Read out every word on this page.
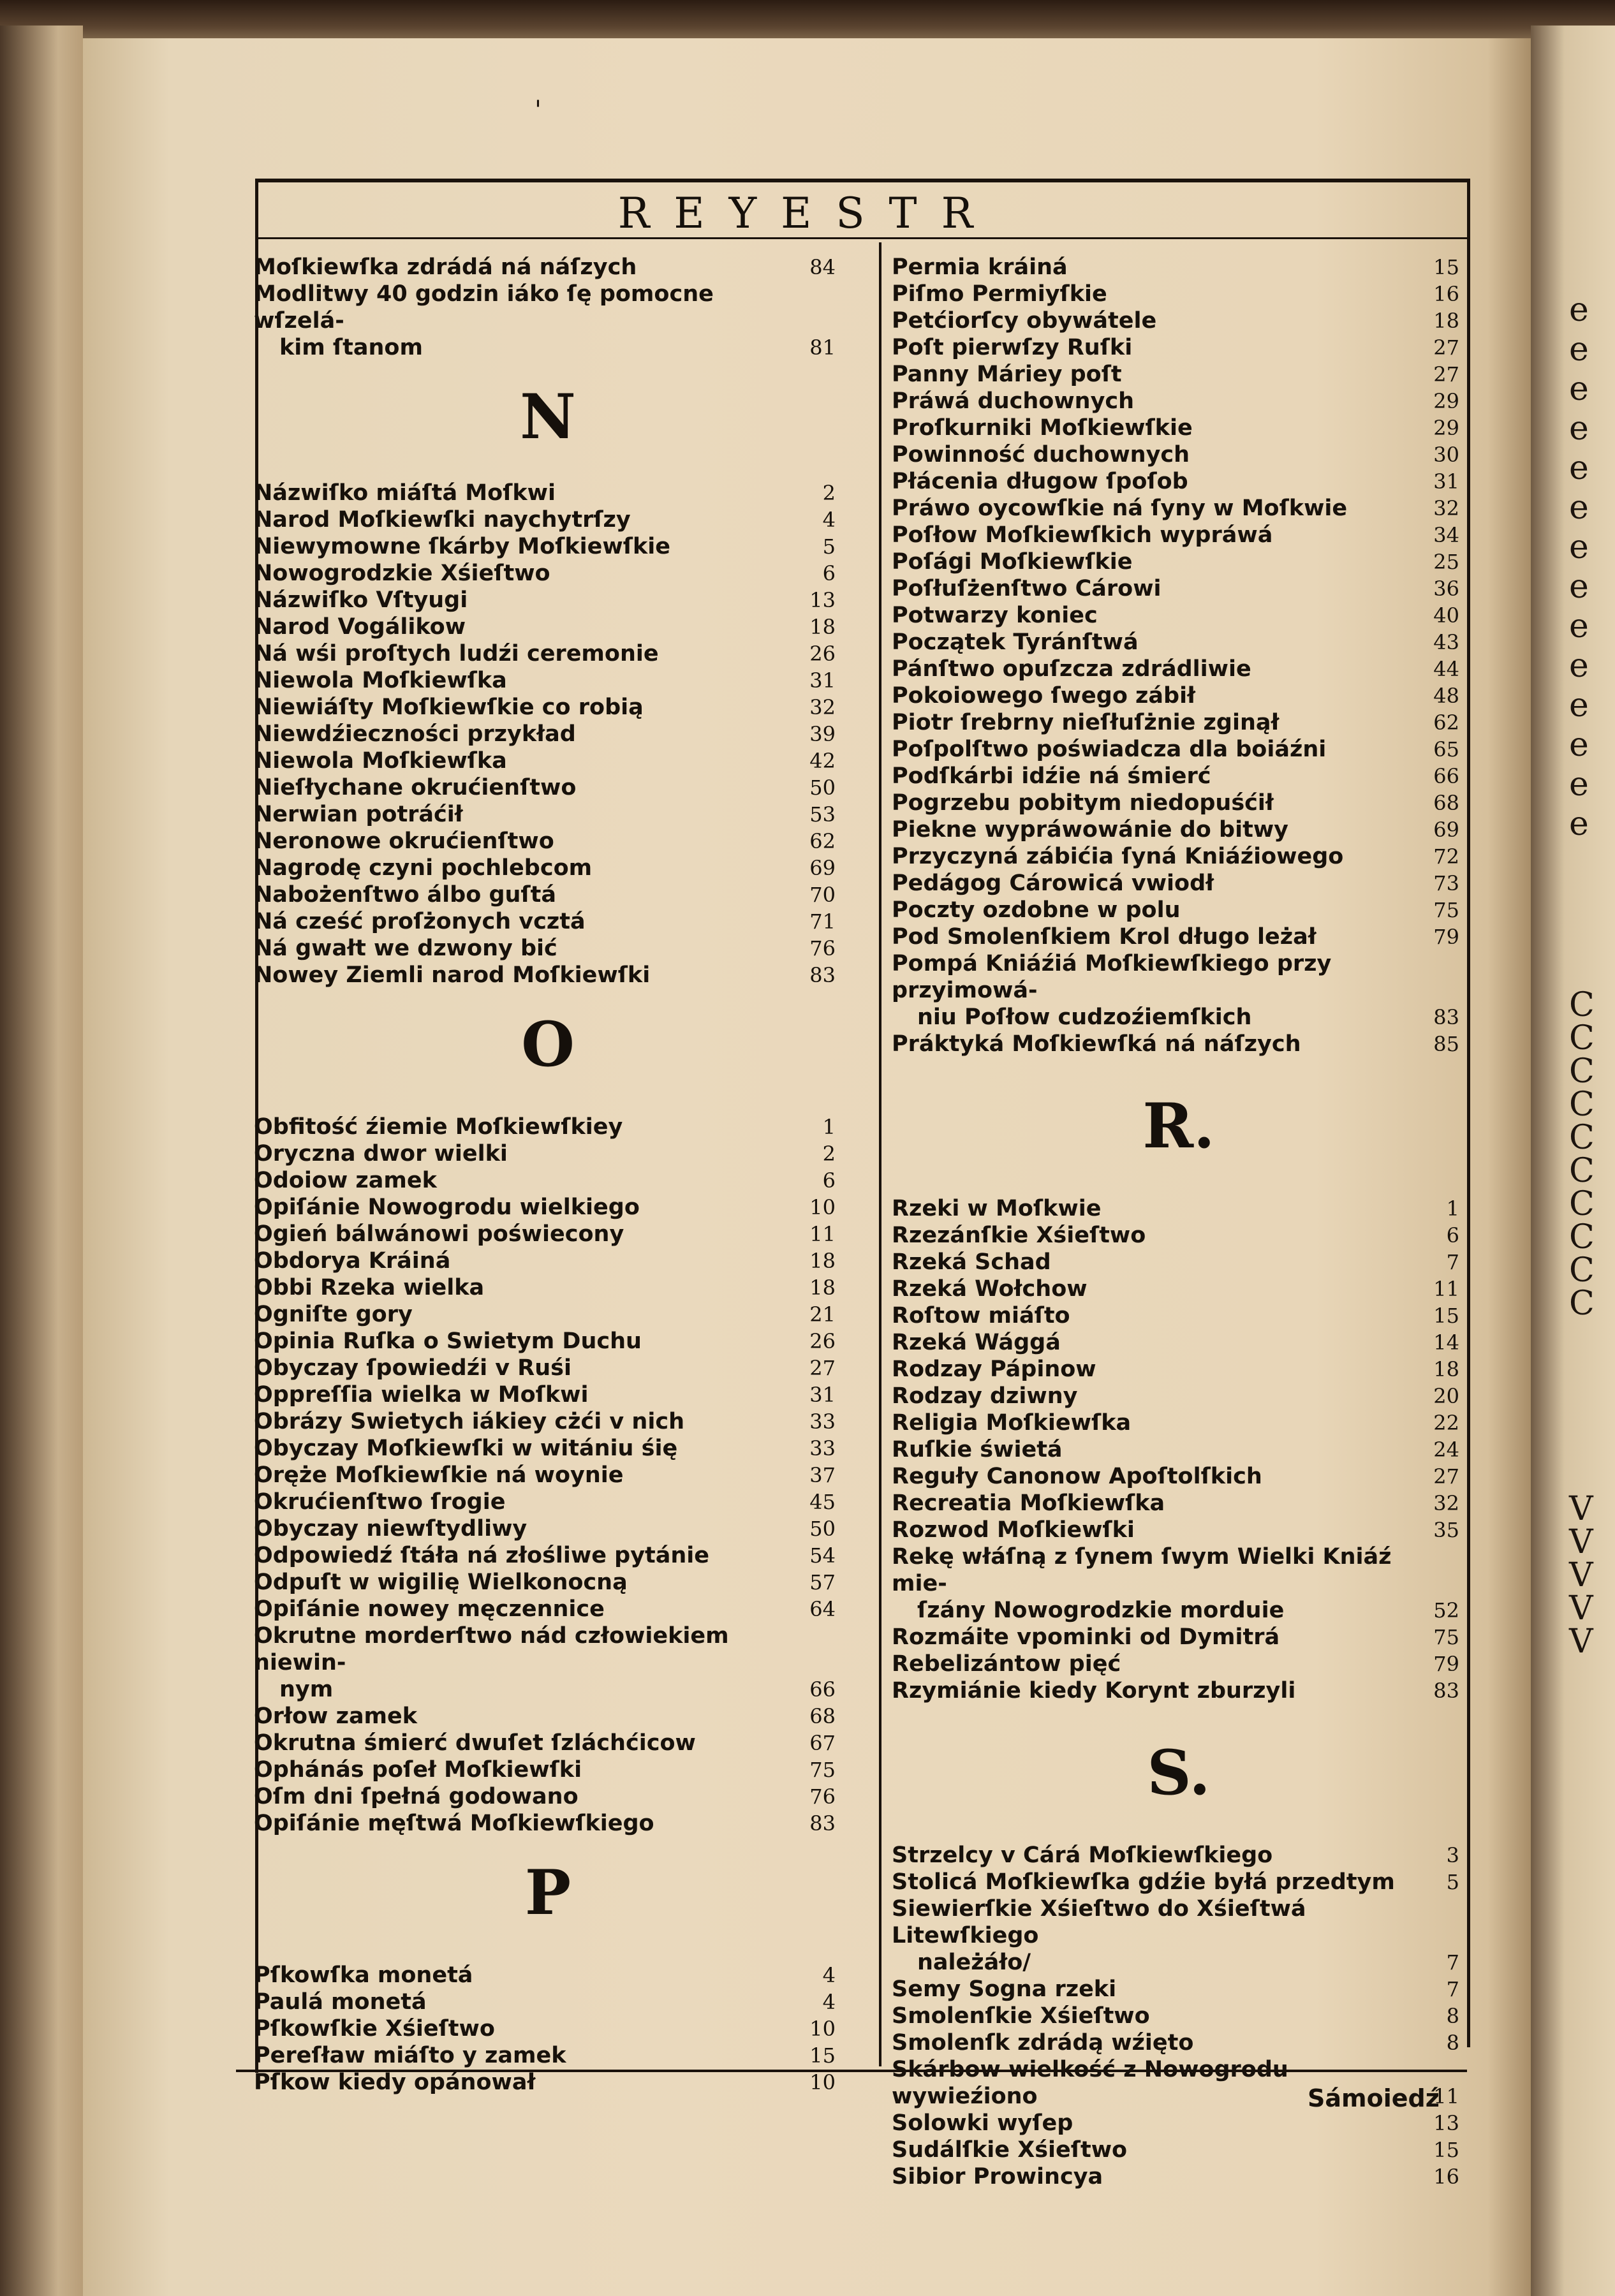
e
e
e
e
e
e
e
e
e
e
e
e
e
e
C
C
C
C
C
C
C
C
C
C
V
V
V
V
V
'
REYESTR
Moſkiewſka zdrádá ná náſzych	84
Modlitwy 40 godzin iáko ſę pomocne wſzelá-
kim ſtanom	81
N
Názwiſko miáſtá Moſkwi	2
Narod Moſkiewſki naychytrſzy	4
Niewymowne ſkárby Moſkiewſkie	5
Nowogrodzkie Xśieſtwo	6
Názwiſko Vſtyugi	13
Narod Vogálikow	18
Ná wśi proſtych ludźi ceremonie	26
Niewola Moſkiewſka	31
Niewiáſty Moſkiewſkie co robią	32
Niewdźieczności przykład	39
Niewola Moſkiewſka	42
Nieſłychane okrućienſtwo	50
Nerwian potráćił	53
Neronowe okrućienſtwo	62
Nagrodę czyni pochlebcom	69
Nabożenſtwo álbo guſtá	70
Ná cześć proſżonych vcztá	71
Ná gwałt we dzwony bić	76
Nowey Ziemli narod Moſkiewſki	83
O
Obfitość źiemie Moſkiewſkiey	1
Oryczna dwor wielki	2
Odoiow zamek	6
Opiſánie Nowogrodu wielkiego	10
Ogień bálwánowi poświecony	11
Obdorya Kráiná	18
Obbi Rzeka wielka	18
Ogniſte gory	21
Opinia Ruſka o Swietym Duchu	26
Obyczay ſpowiedźi v Ruśi	27
Oppreſſia wielka w Moſkwi	31
Obrázy Swietych iákiey cżći v nich	33
Obyczay Moſkiewſki w witániu śię	33
Oręże Moſkiewſkie ná woynie	37
Okrućienſtwo ſrogie	45
Obyczay niewſtydliwy	50
Odpowiedź ſtáła ná złośliwe pytánie	54
Odpuſt w wigilię Wielkonocną	57
Opiſánie nowey męczennice	64
Okrutne morderſtwo nád człowiekiem niewin-
nym	66
Orłow zamek	68
Okrutna śmierć dwuſet ſzláchćicow	67
Ophánás poſeł Moſkiewſki	75
Oſm dni ſpełná godowano	76
Opiſánie męſtwá Moſkiewſkiego	83
P
Pſkowſka monetá	4
Paulá monetá	4
Pſkowſkie Xśieſtwo	10
Pereſław miáſto y zamek	15
Pſkow kiedy opánował	10
Permia kráiná	15
Piſmo Permiyſkie	16
Petćiorſcy obywátele	18
Poſt pierwſzy Ruſki	27
Panny Máriey poſt	27
Práwá duchownych	29
Proſkurniki Moſkiewſkie	29
Powinność duchownych	30
Płácenia długow ſpoſob	31
Práwo oycowſkie ná ſyny w Moſkwie	32
Poſłow Moſkiewſkich wypráwá	34
Poſági Moſkiewſkie	25
Poſłuſżenſtwo Cárowi	36
Potwarzy koniec	40
Początek Tyránſtwá	43
Pánſtwo opuſzcza zdrádliwie	44
Pokoiowego ſwego zábił	48
Piotr ſrebrny nieſłuſżnie zginął	62
Poſpolſtwo poświadcza dla boiáźni	65
Podſkárbi idźie ná śmierć	66
Pogrzebu pobitym niedopuśćił	68
Piekne wypráwowánie do bitwy	69
Przyczyná zábićia ſyná Kniáźiowego	72
Pedágog Cárowicá vwiodł	73
Poczty ozdobne w polu	75
Pod Smolenſkiem Krol długo leżał	79
Pompá Kniáźiá Moſkiewſkiego przy przyimowá-
niu Poſłow cudzoźiemſkich	83
Práktyká Moſkiewſká ná náſzych	85
R.
Rzeki w Moſkwie	1
Rzezánſkie Xśieſtwo	6
Rzeká Schad	7
Rzeká Wołchow	11
Roſtow miáſto	15
Rzeká Wággá	14
Rodzay Pápinow	18
Rodzay dziwny	20
Religia Moſkiewſka	22
Ruſkie świetá	24
Reguły Canonow Apoſtolſkich	27
Recreatia Moſkiewſka	32
Rozwod Moſkiewſki	35
Rekę włáſną z ſynem ſwym Wielki Kniáź mie-
ſzány Nowogrodzkie morduie	52
Rozmáite vpominki od Dymitrá	75
Rebelizántow pięć	79
Rzymiánie kiedy Korynt zburzyli	83
S.
Strzelcy v Cárá Moſkiewſkiego	3
Stolicá Moſkiewſka gdźie byłá przedtym	5
Siewierſkie Xśieſtwo do Xśieſtwá Litewſkiego
należáło/	7
Semy Sogna rzeki	7
Smolenſkie Xśieſtwo	8
Smolenſk zdrádą wźięto	8
Skárbow wielkość z Nowogrodu wywieźiono	11
Solowki wyſep	13
Sudálſkie Xśieſtwo	15
Sibior Prowincya	16
Sámoiedź
